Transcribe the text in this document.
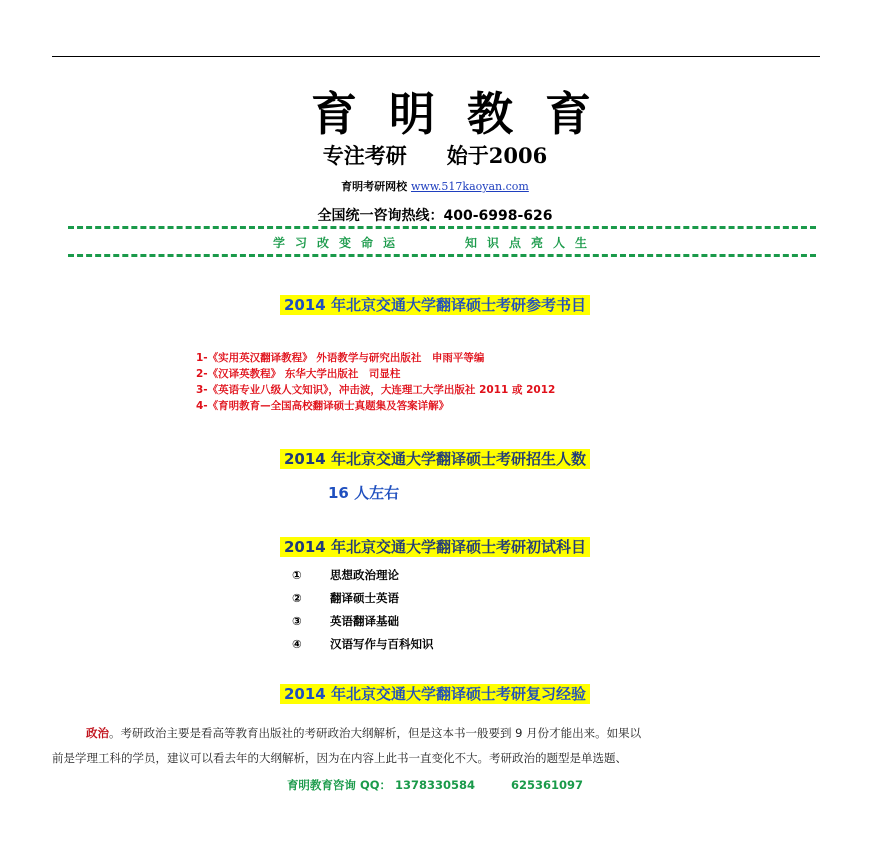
育明教育
专注考研 始于2006
育明考研网校 www.517kaoyan.com
全国统一咨询热线：400-6998-626
学习改变命运	知识点亮人生
2014 年北京交通大学翻译硕士考研参考书目
1-《实用英汉翻译教程》 外语教学与研究出版社　申雨平等编
2-《汉译英教程》 东华大学出版社　司显柱
3-《英语专业八级人文知识》，冲击波，大连理工大学出版社 2011 或 2012
4-《育明教育—全国高校翻译硕士真题集及答案详解》
2014 年北京交通大学翻译硕士考研招生人数
16 人左右
2014 年北京交通大学翻译硕士考研初试科目
① 思想政治理论
② 翻译硕士英语
③ 英语翻译基础
④ 汉语写作与百科知识
2014 年北京交通大学翻译硕士考研复习经验
政治。考研政治主要是看高等教育出版社的考研政治大纲解析，但是这本书一般要到 9 月份才能出来。如果以
前是学理工科的学员，建议可以看去年的大纲解析，因为在内容上此书一直变化不大。考研政治的题型是单选题、
育明教育咨询 QQ： 1378330584	625361097
